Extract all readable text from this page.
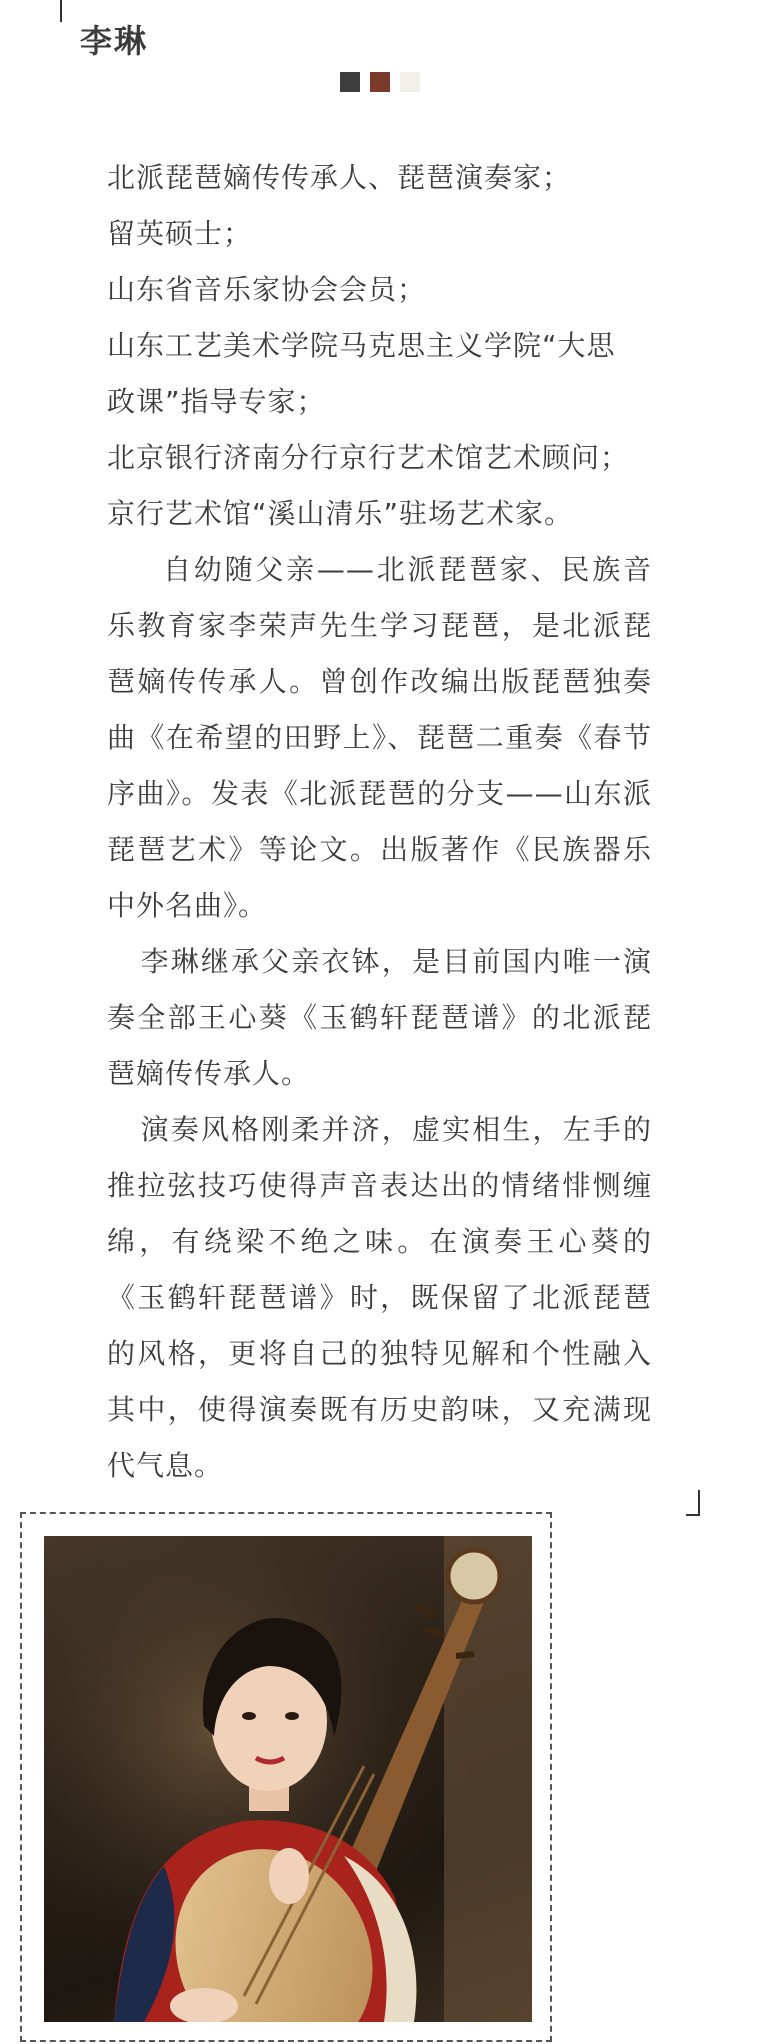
李琳
北派琵琶嫡传传承人、琵琶演奏家；
留英硕士；
山东省音乐家协会会员；
山东工艺美术学院马克思主义学院“大思
政课”指导专家；
北京银行济南分行京行艺术馆艺术顾问；
京行艺术馆“溪山清乐”驻场艺术家。

自幼随父亲——北派琵琶家、民族音乐教育家李荣声先生学习琵琶，是北派琵琶嫡传传承人。曾创作改编出版琵琶独奏曲《在希望的田野上》、琵琶二重奏《春节序曲》。发表《北派琵琶的分支——山东派琵琶艺术》等论文。出版著作《民族器乐中外名曲》。

李琳继承父亲衣钵，是目前国内唯一演奏全部王心葵《玉鹤轩琵琶谱》的北派琵琶嫡传传承人。

演奏风格刚柔并济，虚实相生，左手的推拉弦技巧使得声音表达出的情绪悱恻缠绵，有绕梁不绝之味。在演奏王心葵的《玉鹤轩琵琶谱》时，既保留了北派琵琶的风格，更将自己的独特见解和个性融入其中，使得演奏既有历史韵味，又充满现代气息。
